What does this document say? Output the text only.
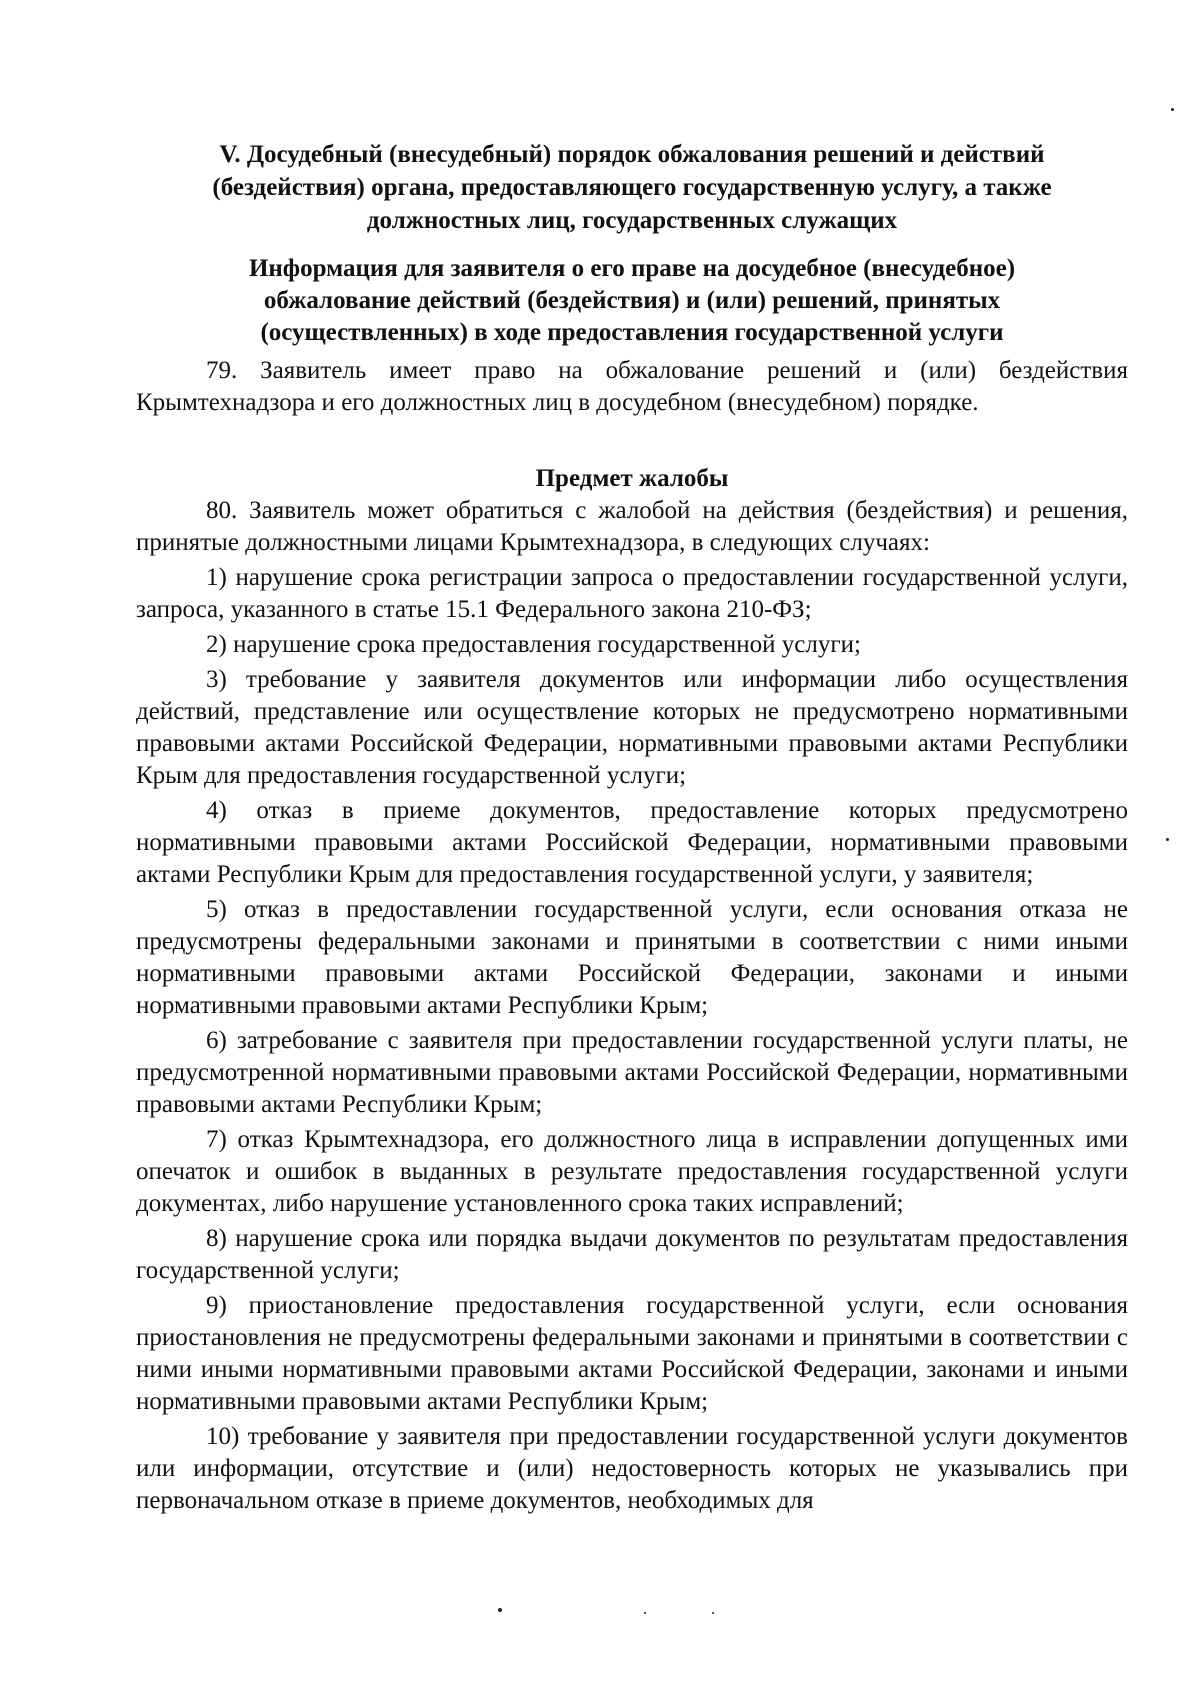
V. Досудебный (внесудебный) порядок обжалования решений и действий (бездействия) органа, предоставляющего государственную услугу, а также должностных лиц, государственных служащих
Информация для заявителя о его праве на досудебное (внесудебное) обжалование действий (бездействия) и (или) решений, принятых (осуществленных) в ходе предоставления государственной услуги

79. Заявитель имеет право на обжалование решений и (или) бездействия Крымтехнадзора и его должностных лиц в досудебном (внесудебном) порядке.

Предмет жалобы

80. Заявитель может обратиться с жалобой на действия (бездействия) и решения, принятые должностными лицами Крымтехнадзора, в следующих случаях:

1) нарушение срока регистрации запроса о предоставлении государственной услуги, запроса, указанного в статье 15.1 Федерального закона 210-ФЗ;

2) нарушение срока предоставления государственной услуги;

3) требование у заявителя документов или информации либо осуществления действий, представление или осуществление которых не предусмотрено нормативными правовыми актами Российской Федерации, нормативными правовыми актами Республики Крым для предоставления государственной услуги;

4) отказ в приеме документов, предоставление которых предусмотрено нормативными правовыми актами Российской Федерации, нормативными правовыми актами Республики Крым для предоставления государственной услуги, у заявителя;

5) отказ в предоставлении государственной услуги, если основания отказа не предусмотрены федеральными законами и принятыми в соответствии с ними иными нормативными правовыми актами Российской Федерации, законами и иными нормативными правовыми актами Республики Крым;

6) затребование с заявителя при предоставлении государственной услуги платы, не предусмотренной нормативными правовыми актами Российской Федерации, нормативными правовыми актами Республики Крым;

7) отказ Крымтехнадзора, его должностного лица в исправлении допущенных ими опечаток и ошибок в выданных в результате предоставления государственной услуги документах, либо нарушение установленного срока таких исправлений;

8) нарушение срока или порядка выдачи документов по результатам предоставления государственной услуги;

9) приостановление предоставления государственной услуги, если основания приостановления не предусмотрены федеральными законами и принятыми в соответствии с ними иными нормативными правовыми актами Российской Федерации, законами и иными нормативными правовыми актами Республики Крым;

10) требование у заявителя при предоставлении государственной услуги документов или информации, отсутствие и (или) недостоверность которых не указывались при первоначальном отказе в приеме документов, необходимых для
